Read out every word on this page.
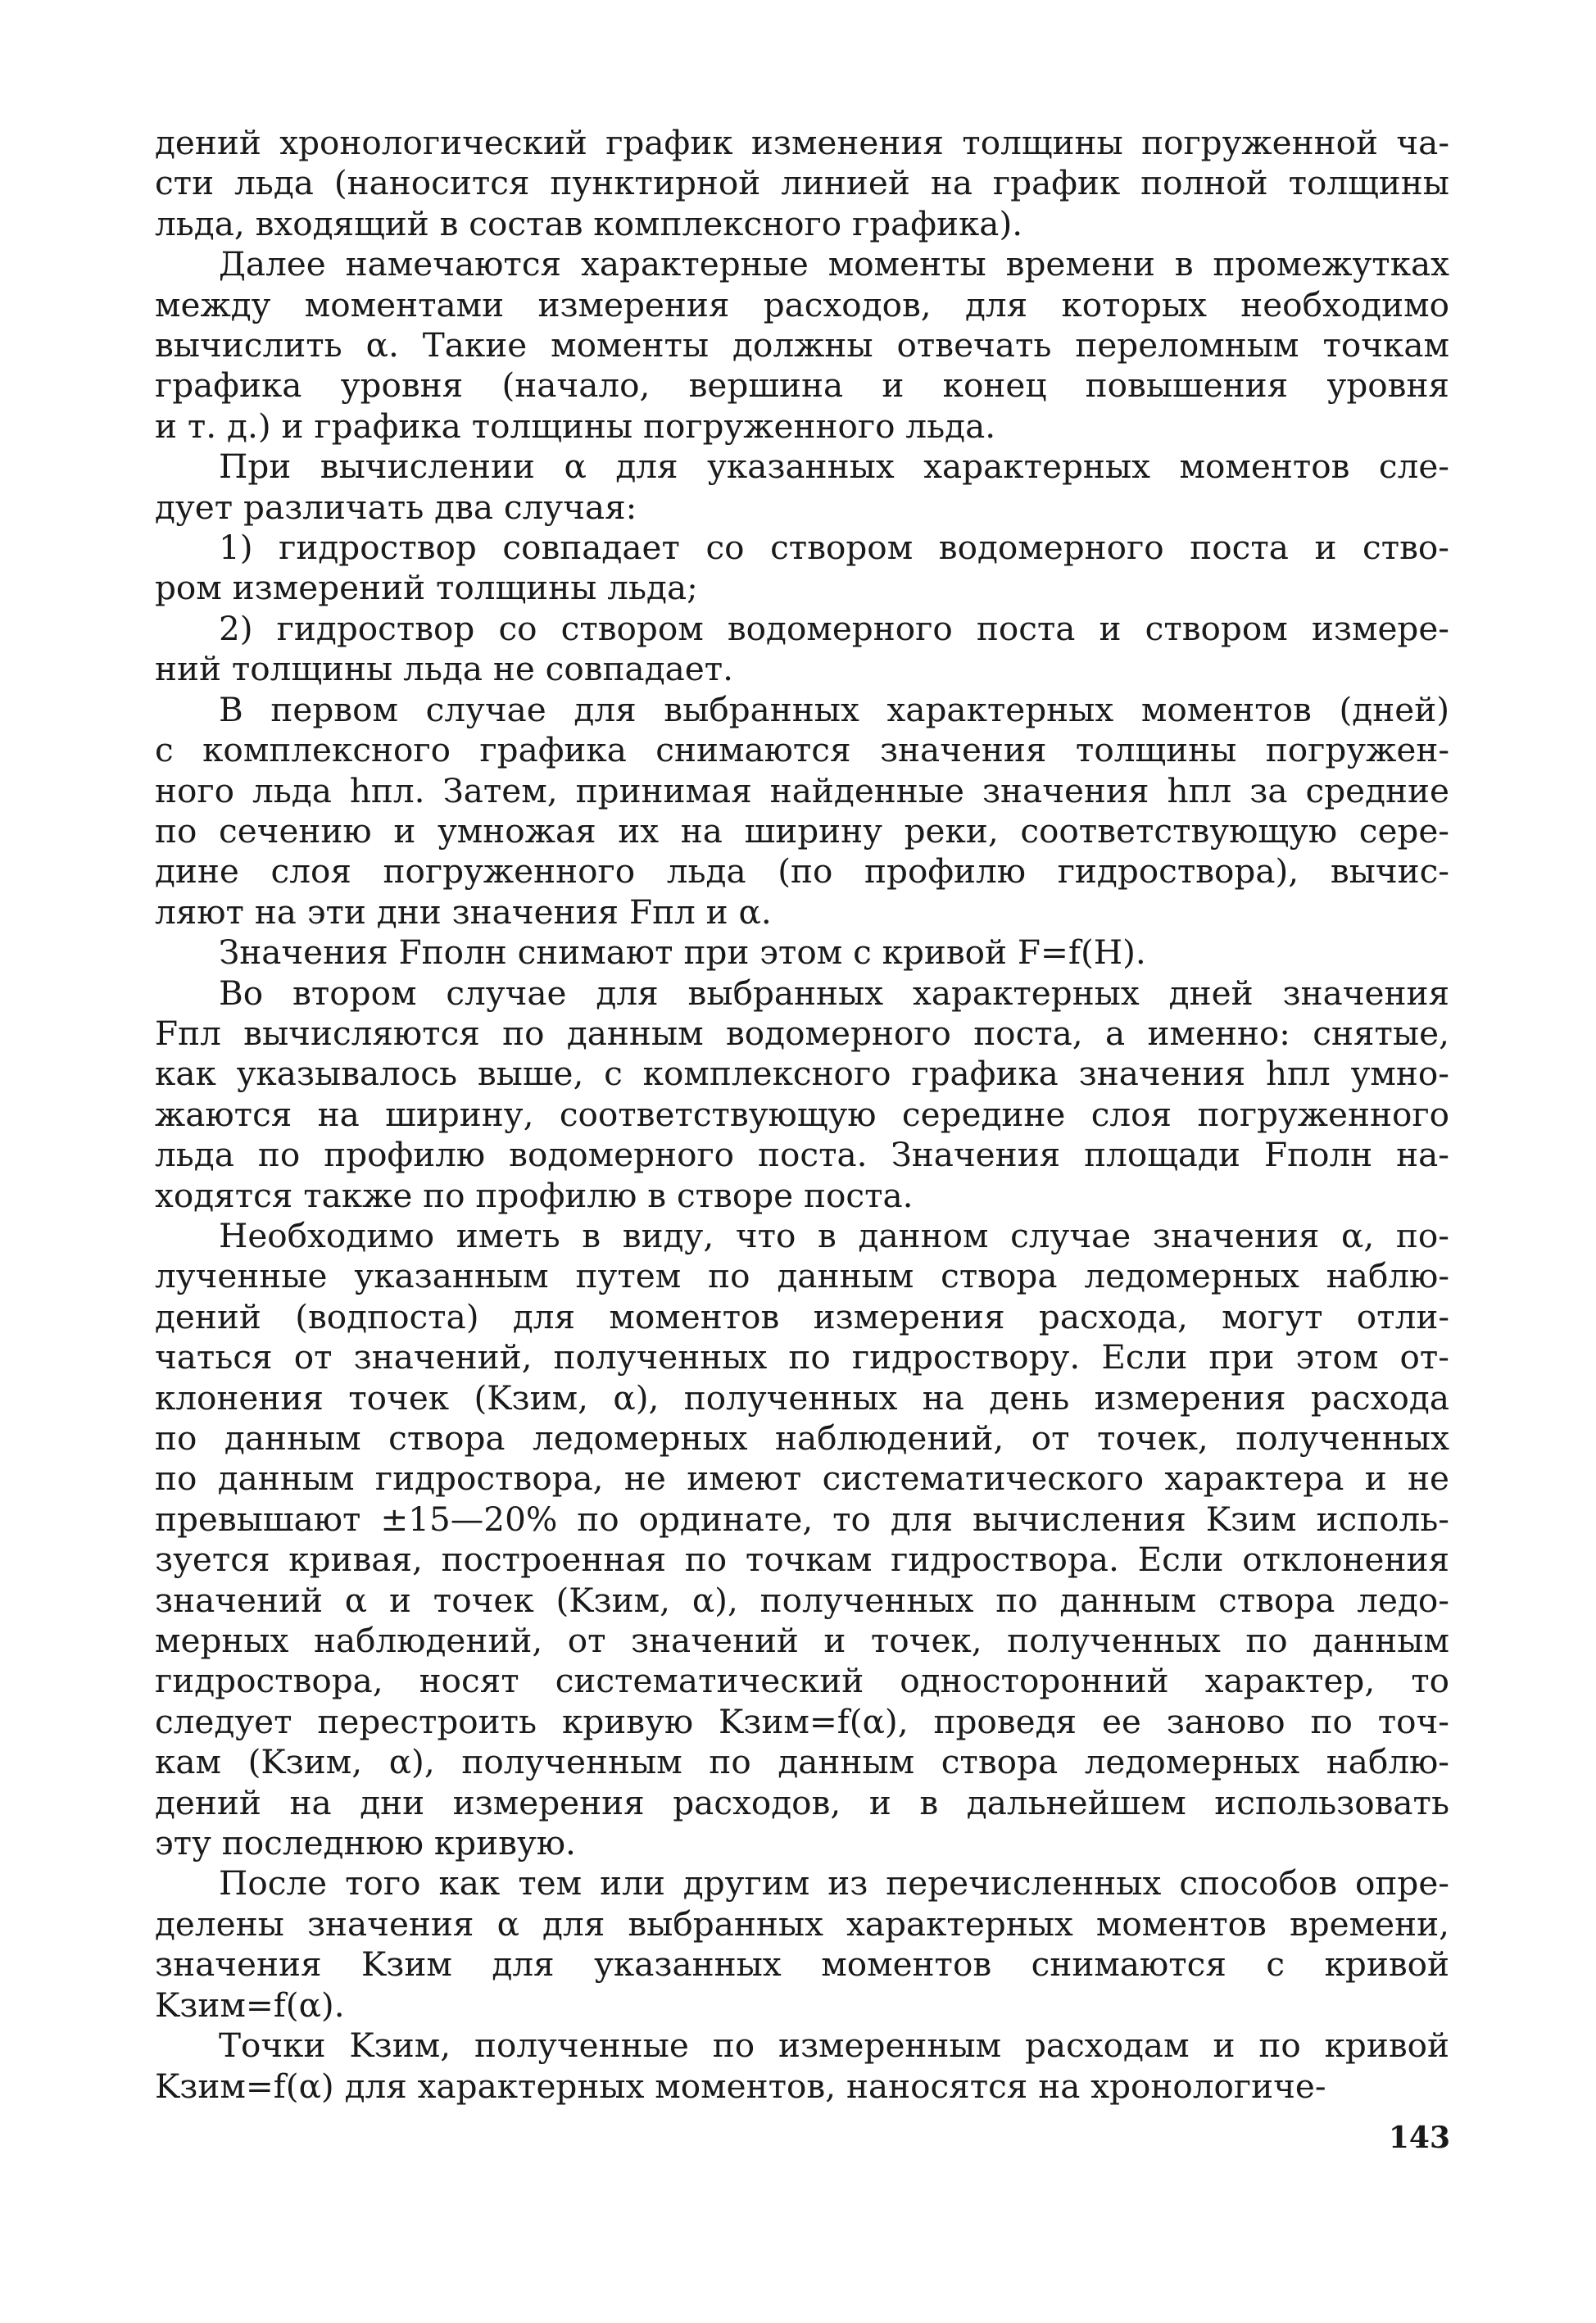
дений хронологический график изменения толщины погруженной ча-
сти льда (наносится пунктирной линией на график полной толщины
льда, входящий в состав комплексного графика).
Далее намечаются характерные моменты времени в промежутках
между моментами измерения расходов, для которых необходимо
вычислить α. Такие моменты должны отвечать переломным точкам
графика уровня (начало, вершина и конец повышения уровня
и т. д.) и графика толщины погруженного льда.
При вычислении α для указанных характерных моментов сле-
дует различать два случая:
1) гидроствор совпадает со створом водомерного поста и ство-
ром измерений толщины льда;
2) гидроствор со створом водомерного поста и створом измере-
ний толщины льда не совпадает.
В первом случае для выбранных характерных моментов (дней)
с комплексного графика снимаются значения толщины погружен-
ного льда hпл. Затем, принимая найденные значения hпл за средние
по сечению и умножая их на ширину реки, соответствующую сере-
дине слоя погруженного льда (по профилю гидроствора), вычис-
ляют на эти дни значения Fпл и α.
Значения Fполн снимают при этом с кривой F=f(H).
Во втором случае для выбранных характерных дней значения
Fпл вычисляются по данным водомерного поста, а именно: снятые,
как указывалось выше, с комплексного графика значения hпл умно-
жаются на ширину, соответствующую середине слоя погруженного
льда по профилю водомерного поста. Значения площади Fполн на-
ходятся также по профилю в створе поста.
Необходимо иметь в виду, что в данном случае значения α, по-
лученные указанным путем по данным створа ледомерных наблю-
дений (водпоста) для моментов измерения расхода, могут отли-
чаться от значений, полученных по гидроствору. Если при этом от-
клонения точек (Kзим, α), полученных на день измерения расхода
по данным створа ледомерных наблюдений, от точек, полученных
по данным гидроствора, не имеют систематического характера и не
превышают ±15—20% по ординате, то для вычисления Kзим исполь-
зуется кривая, построенная по точкам гидроствора. Если отклонения
значений α и точек (Kзим, α), полученных по данным створа ледо-
мерных наблюдений, от значений и точек, полученных по данным
гидроствора, носят систематический односторонний характер, то
следует перестроить кривую Kзим=f(α), проведя ее заново по точ-
кам (Kзим, α), полученным по данным створа ледомерных наблю-
дений на дни измерения расходов, и в дальнейшем использовать
эту последнюю кривую.
После того как тем или другим из перечисленных способов опре-
делены значения α для выбранных характерных моментов времени,
значения Kзим для указанных моментов снимаются с кривой
Kзим=f(α).
Точки Kзим, полученные по измеренным расходам и по кривой
Kзим=f(α) для характерных моментов, наносятся на хронологиче-
143
